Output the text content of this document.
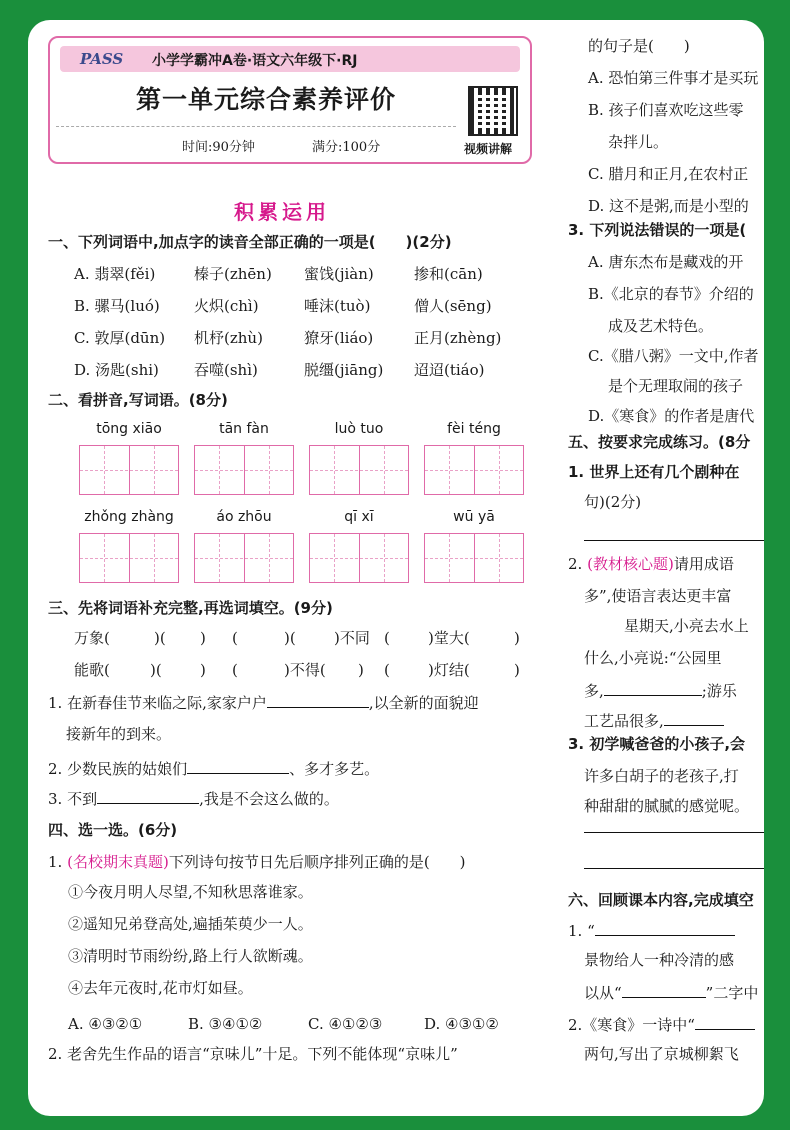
PASS 小学学霸冲A卷·语文六年级下·RJ
第一单元综合素养评价
时间:90分钟	满分:100分	视频讲解
积累运用
一、下列词语中,加点字的读音全部正确的一项是(　　)(2分)
二、看拼音,写词语。(8分)
三、先将词语补充完整,再选词填空。(9分)
1. 在新春佳节来临之际,家家户户	,以全新的面貌迎
接新年的到来。
2. 少数民族的姑娘们	、多才多艺。
3. 不到	,我是不会这么做的。
四、选一选。(6分)
1. (名校期末真题)下列诗句按节日先后顺序排列正确的是(　　)
2. 老舍先生作品的语言“京味儿”十足。下列不能体现“京味儿”
A. 翡翠(fěi)	榛子(zhēn) 蜜饯(jiàn)	掺和(cān)
B. 骡马(luó) 火炽(chì)	唾沫(tuò)	僧人(sēng)
C. 敦厚(dūn) 机杼(zhù)	獠牙(liáo)	正月(zhèng)
D. 汤匙(shi) 吞噬(shì)	脱缰(jiāng) 迢迢(tiáo)
tōng xiāo	tān fàn	luò tuo	fèi téng
zhǒng zhàng	áo zhōu	qī xī	wū yā
万象(	)( ) (	)(	)不同 (	)堂大(	)
能歌(	)(	) (	)不得( ) (	)灯结(	)
①今夜月明人尽望,不知秋思落谁家。
②遥知兄弟登高处,遍插茱萸少一人。
③清明时节雨纷纷,路上行人欲断魂。
④去年元夜时,花市灯如昼。
A. ④③②①	B. ③④①②	C. ④①②③	D. ④③①②
的句子是(　　)
A. 恐怕第三件事才是买玩
B. 孩子们喜欢吃这些零
杂拌儿。
C. 腊月和正月,在农村正
D. 这不是粥,而是小型的
3. 下列说法错误的一项是(
A. 唐东杰布是藏戏的开
B.《北京的春节》介绍的
成及艺术特色。
C.《腊八粥》一文中,作者
是个无理取闹的孩子
D.《寒食》的作者是唐代
五、按要求完成练习。(8分
1. 世界上还有几个剧种在
句)(2分)
多”,使语言表达更丰富
星期天,小亮去水上
什么,小亮说:“公园里
3. 初学喊爸爸的小孩子,会
许多白胡子的老孩子,打
种甜甜的腻腻的感觉呢。
六、回顾课本内容,完成填空
景物给人一种冷清的感
两句,写出了京城柳絮飞
2. (教材核心题)请用成语
多,	;游乐
工艺品很多,
1. “
以从“	”二字中
2.《寒食》一诗中“
